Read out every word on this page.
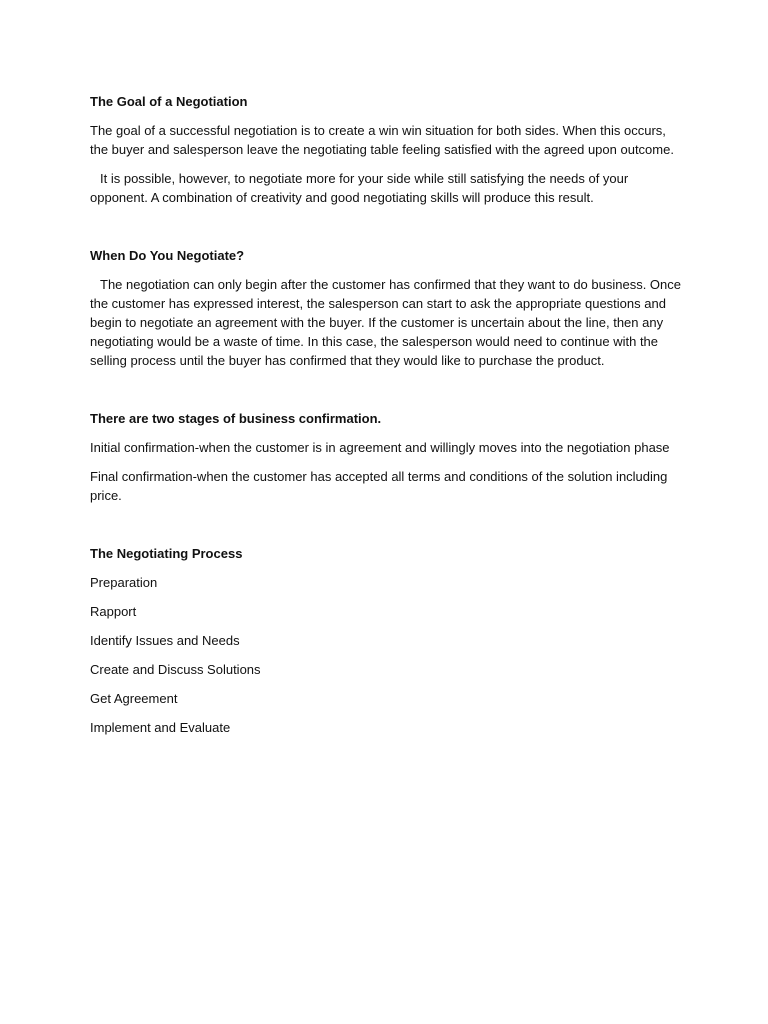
The Goal of a Negotiation

The goal of a successful negotiation is to create a win win situation for both sides. When this occurs, the buyer and salesperson leave the negotiating table feeling satisfied with the agreed upon outcome.

It is possible, however, to negotiate more for your side while still satisfying the needs of your opponent. A combination of creativity and good negotiating skills will produce this result.

When Do You Negotiate?

The negotiation can only begin after the customer has confirmed that they want to do business. Once the customer has expressed interest, the salesperson can start to ask the appropriate questions and begin to negotiate an agreement with the buyer. If the customer is uncertain about the line, then any negotiating would be a waste of time. In this case, the salesperson would need to continue with the selling process until the buyer has confirmed that they would like to purchase the product.

There are two stages of business confirmation.

Initial confirmation-when the customer is in agreement and willingly moves into the negotiation phase

Final confirmation-when the customer has accepted all terms and conditions of the solution including price.

The Negotiating Process
Preparation
Rapport
Identify Issues and Needs
Create and Discuss Solutions
Get Agreement
Implement and Evaluate
